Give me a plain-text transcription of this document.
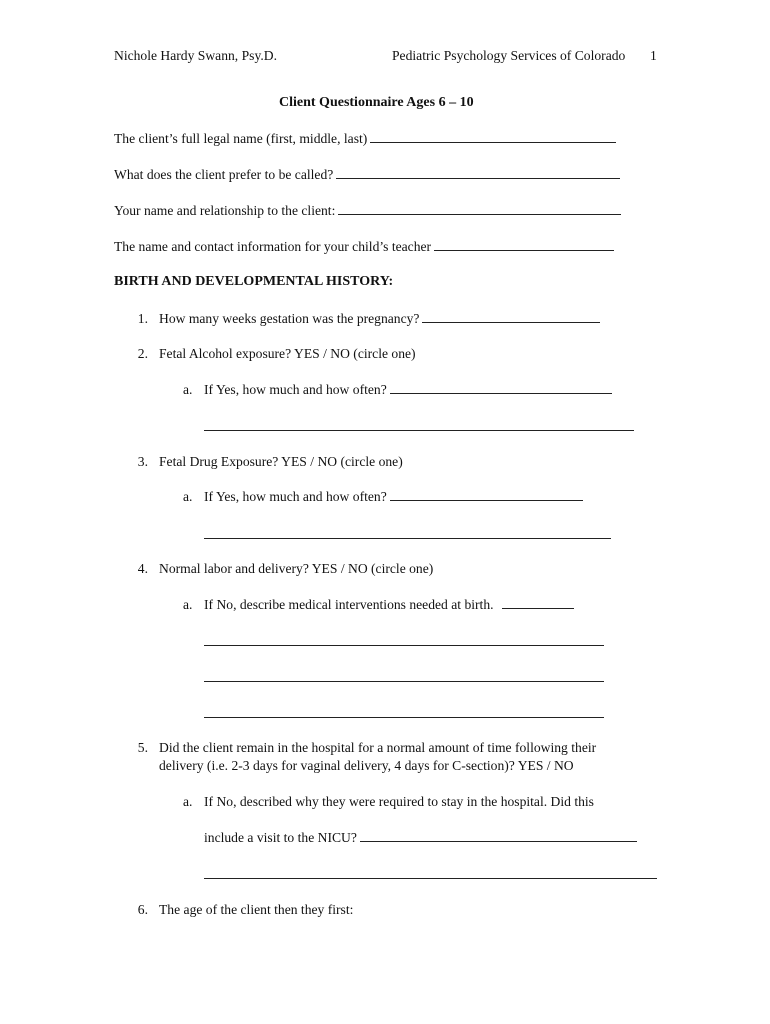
Nichole Hardy Swann, Psy.D.	Pediatric Psychology Services of Colorado 1
Client Questionnaire Ages 6 – 10
The client’s full legal name (first, middle, last)
What does the client prefer to be called?
Your name and relationship to the client:
The name and contact information for your child’s teacher
BIRTH AND DEVELOPMENTAL HISTORY:
1. How many weeks gestation was the pregnancy?
2. Fetal Alcohol exposure? YES / NO (circle one)
a. If Yes, how much and how often?
3. Fetal Drug Exposure? YES / NO (circle one)
a. If Yes, how much and how often?
4. Normal labor and delivery? YES / NO (circle one)
a. If No, describe medical interventions needed at birth.
5. Did the client remain in the hospital for a normal amount of time following their
delivery (i.e. 2-3 days for vaginal delivery, 4 days for C-section)? YES / NO
a. If No, described why they were required to stay in the hospital. Did this
include a visit to the NICU?
6. The age of the client then they first:
